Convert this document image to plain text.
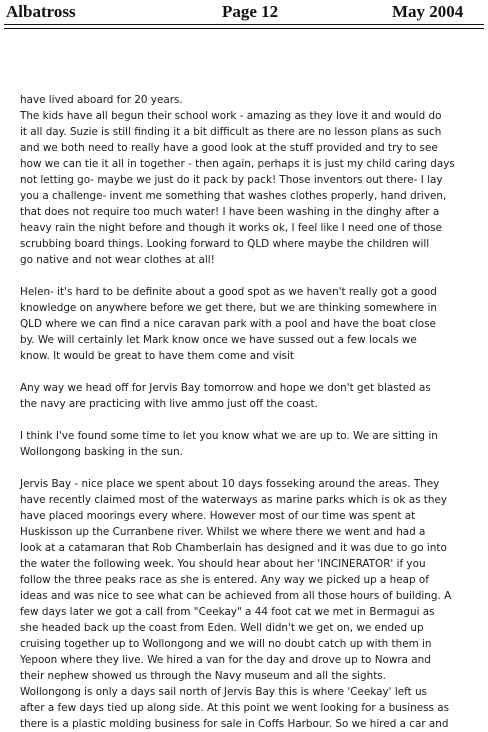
Albatross	Page 12	May 2004
have lived aboard for 20 years.
The kids have all begun their school work - amazing as they love it and would do
it all day. Suzie is still finding it a bit difficult as there are no lesson plans as such
and we both need to really have a good look at the stuff provided and try to see
how we can tie it all in together - then again, perhaps it is just my child caring days
not letting go- maybe we just do it pack by pack! Those inventors out there- I lay
you a challenge- invent me something that washes clothes properly, hand driven,
that does not require too much water! I have been washing in the dinghy after a
heavy rain the night before and though it works ok, I feel like I need one of those
scrubbing board things. Looking forward to QLD where maybe the children will
go native and not wear clothes at all!
Helen- it's hard to be definite about a good spot as we haven't really got a good
knowledge on anywhere before we get there, but we are thinking somewhere in
QLD where we can find a nice caravan park with a pool and have the boat close
by. We will certainly let Mark know once we have sussed out a few locals we
know. It would be great to have them come and visit
Any way we head off for Jervis Bay tomorrow and hope we don't get blasted as
the navy are practicing with live ammo just off the coast.
I think I've found some time to let you know what we are up to. We are sitting in
Wollongong basking in the sun.
Jervis Bay - nice place we spent about 10 days fosseking around the areas. They
have recently claimed most of the waterways as marine parks which is ok as they
have placed moorings every where. However most of our time was spent at
Huskisson up the Curranbene river. Whilst we where there we went and had a
look at a catamaran that Rob Chamberlain has designed and it was due to go into
the water the following week. You should hear about her 'INCINERATOR' if you
follow the three peaks race as she is entered. Any way we picked up a heap of
ideas and was nice to see what can be achieved from all those hours of building. A
few days later we got a call from "Ceekay" a 44 foot cat we met in Bermagui as
she headed back up the coast from Eden. Well didn't we get on, we ended up
cruising together up to Wollongong and we will no doubt catch up with them in
Yepoon where they live. We hired a van for the day and drove up to Nowra and
their nephew showed us through the Navy museum and all the sights.
Wollongong is only a days sail north of Jervis Bay this is where 'Ceekay' left us
after a few days tied up along side. At this point we went looking for a business as
there is a plastic molding business for sale in Coffs Harbour. So we hired a car and
